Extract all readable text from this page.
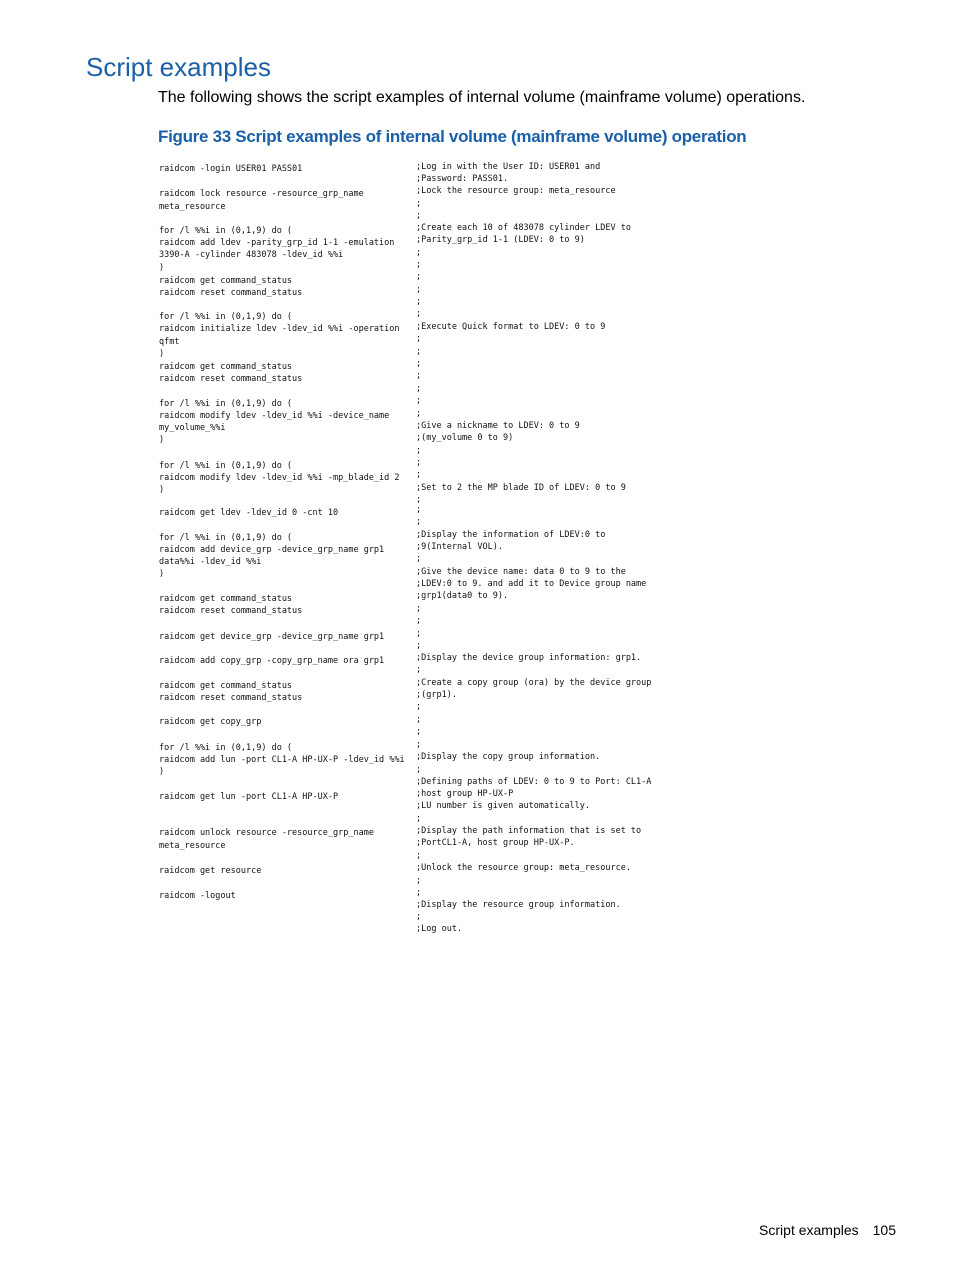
Script examples

The following shows the script examples of internal volume (mainframe volume) operations.

Figure 33 Script examples of internal volume (mainframe volume) operation
raidcom -login USER01 PASS01
raidcom lock resource -resource_grp_name
meta_resource
for /l %%i in (0,1,9) do (
raidcom add ldev -parity_grp_id 1-1 -emulation
3390-A -cylinder 483078 -ldev_id %%i
)
raidcom get command_status
raidcom reset command_status
for /l %%i in (0,1,9) do (
raidcom initialize ldev -ldev_id %%i -operation
qfmt
)
raidcom get command_status
raidcom reset command_status
for /l %%i in (0,1,9) do (
raidcom modify ldev -ldev_id %%i -device_name
my_volume_%%i
)
for /l %%i in (0,1,9) do (
raidcom modify ldev -ldev_id %%i -mp_blade_id 2
)
raidcom get ldev -ldev_id 0 -cnt 10
for /l %%i in (0,1,9) do (
raidcom add device_grp -device_grp_name grp1
data%%i -ldev_id %%i
)
raidcom get command_status
raidcom reset command_status
raidcom get device_grp -device_grp_name grp1
raidcom add copy_grp -copy_grp_name ora grp1
raidcom get command_status
raidcom reset command_status
raidcom get copy_grp
for /l %%i in (0,1,9) do (
raidcom add lun -port CL1-A HP-UX-P -ldev_id %%i
)
raidcom get lun -port CL1-A HP-UX-P
raidcom unlock resource -resource_grp_name
meta_resource
raidcom get resource
raidcom -logout
;Log in with the User ID: USER01 and
;Password: PASS01.
;Lock the resource group: meta_resource
;
;
;Create each 10 of 483078 cylinder LDEV to
;Parity_grp_id 1-1 (LDEV: 0 to 9)
;
;
;
;
;
;
;Execute Quick format to LDEV: 0 to 9
;
;
;
;
;
;
;
;Give a nickname to LDEV: 0 to 9
;(my_volume 0 to 9)
;
;
;
;Set to 2 the MP blade ID of LDEV: 0 to 9
;
;
;
;Display the information of LDEV:0 to
;9(Internal VOL).
;
;Give the device name: data 0 to 9 to the
;LDEV:0 to 9. and add it to Device group name
;grp1(data0 to 9).
;
;
;
;
;Display the device group information: grp1.
;
;Create a copy group (ora) by the device group
;(grp1).
;
;
;
;
;Display the copy group information.
;
;Defining paths of LDEV: 0 to 9 to Port: CL1-A
;host group HP-UX-P
;LU number is given automatically.
;
;Display the path information that is set to
;PortCL1-A, host group HP-UX-P.
;
;Unlock the resource group: meta_resource.
;
;
;Display the resource group information.
;
;Log out.
Script examples 105
